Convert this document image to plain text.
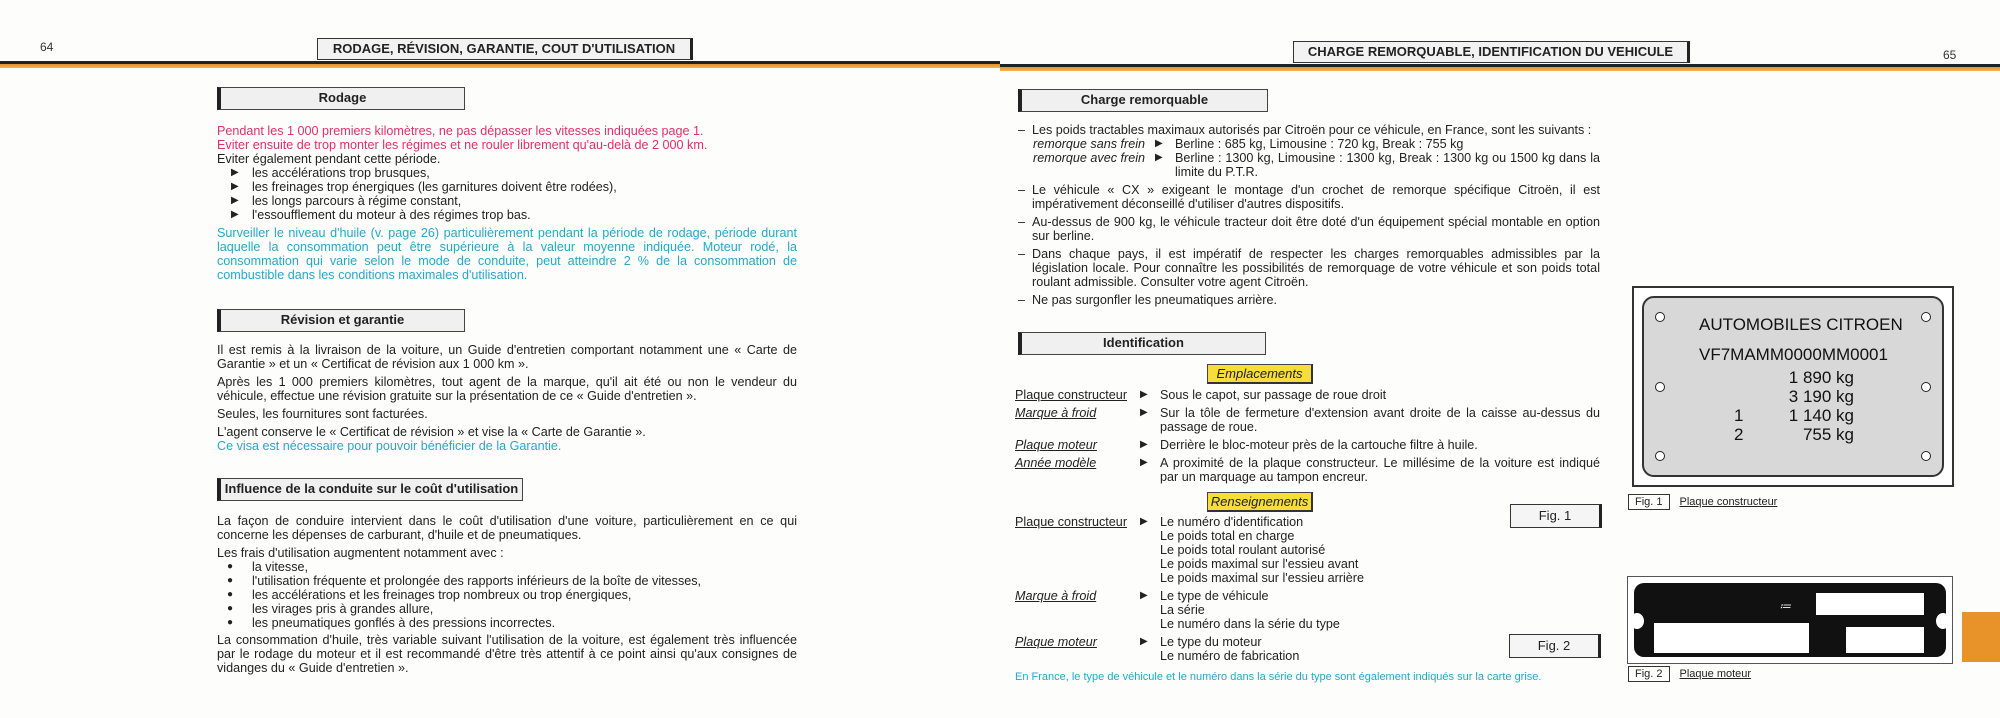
64	RODAGE, RÉVISION, GARANTIE, COUT D'UTILISATION	65
CHARGE REMORQUABLE, IDENTIFICATION DU VEHICULE
Rodage
Pendant les 1 000 premiers kilomètres, ne pas dépasser les vitesses indiquées page 1.
Eviter ensuite de trop monter les régimes et ne rouler librement qu'au-delà de 2 000 km.
Eviter également pendant cette période.
▶ les accélérations trop brusques,
▶ les freinages trop énergiques (les garnitures doivent être rodées),
▶ les longs parcours à régime constant,
▶ l'essoufflement du moteur à des régimes trop bas.

Surveiller le niveau d'huile (v. page 26) particulièrement pendant la période de rodage, période durant laquelle la consommation peut être supérieure à la valeur moyenne indiquée. Moteur rodé, la consommation qui varie selon le mode de conduite, peut atteindre 2 % de la consommation de combustible dans les conditions maximales d'utilisation.

Révision et garantie

Il est remis à la livraison de la voiture, un Guide d'entretien comportant notamment une « Carte de Garantie » et un « Certificat de révision aux 1 000 km ».

Après les 1 000 premiers kilomètres, tout agent de la marque, qu'il ait été ou non le vendeur du véhicule, effectue une révision gratuite sur la présentation de ce « Guide d'entretien ».

Seules, les fournitures sont facturées.

L'agent conserve le « Certificat de révision » et vise la « Carte de Garantie ».
Ce visa est nécessaire pour pouvoir bénéficier de la Garantie.
Influence de la conduite sur le coût d'utilisation

La façon de conduire intervient dans le coût d'utilisation d'une voiture, particulièrement en ce qui concerne les dépenses de carburant, d'huile et de pneumatiques.

Les frais d'utilisation augmentent notamment avec :
● la vitesse,
● l'utilisation fréquente et prolongée des rapports inférieurs de la boîte de vitesses,
● les accélérations et les freinages trop nombreux ou trop énergiques,
● les virages pris à grandes allure,
● les pneumatiques gonflés à des pressions incorrectes.

La consommation d'huile, très variable suivant l'utilisation de la voiture, est également très influencée par le rodage du moteur et il est recommandé d'être très attentif à ce point ainsi qu'aux consignes de vidanges du « Guide d'entretien ».

Charge remorquable
– Les poids tractables maximaux autorisés par Citroën pour ce véhicule, en France, sont les suivants :
remorque sans frein	▶ Berline : 685 kg, Limousine : 720 kg, Break : 755 kg
remorque avec frein	▶ Berline : 1300 kg, Limousine : 1300 kg, Break : 1300 kg ou 1500 kg dans la limite du P.T.R.
– Le véhicule « CX » exigeant le montage d'un crochet de remorque spécifique Citroën, il est impérativement déconseillé d'utiliser d'autres dispositifs.
– Au-dessus de 900 kg, le véhicule tracteur doit être doté d'un équipement spécial montable en option sur berline.
– Dans chaque pays, il est impératif de respecter les charges remorquables admissibles par la législation locale. Pour connaître les possibilités de remorquage de votre véhicule et son poids total roulant admissible. Consulter votre agent Citroën.
– Ne pas surgonfler les pneumatiques arrière.
Identification
Emplacements
Plaque constructeur	▶ Sous le capot, sur passage de roue droit
Marque à froid	▶ Sur la tôle de fermeture d'extension avant droite de la caisse au-dessus du passage de roue.
Plaque moteur	▶ Derrière le bloc-moteur près de la cartouche filtre à huile.
Année modèle	▶ A proximité de la plaque constructeur. Le millésime de la voiture est indiqué par un marquage au tampon encreur.
Renseignements
Plaque constructeur	▶ Le numéro d'identification
Le poids total en charge
Le poids total roulant autorisé
Le poids maximal sur l'essieu avant
Le poids maximal sur l'essieu arrière
Marque à froid	▶ Le type de véhicule
La série
Le numéro dans la série du type
Plaque moteur	▶ Le type du moteur
Le numéro de fabrication
Fig. 1
Fig. 2
En France, le type de véhicule et le numéro dans la série du type sont également indiqués sur la carte grise.
AUTOMOBILES CITROEN
VF7MAMM0000MM0001
1 890 kg
3 190 kg
1	1 140 kg
2	755 kg
Fig. 1	Plaque constructeur
≔
Fig. 2	Plaque moteur
